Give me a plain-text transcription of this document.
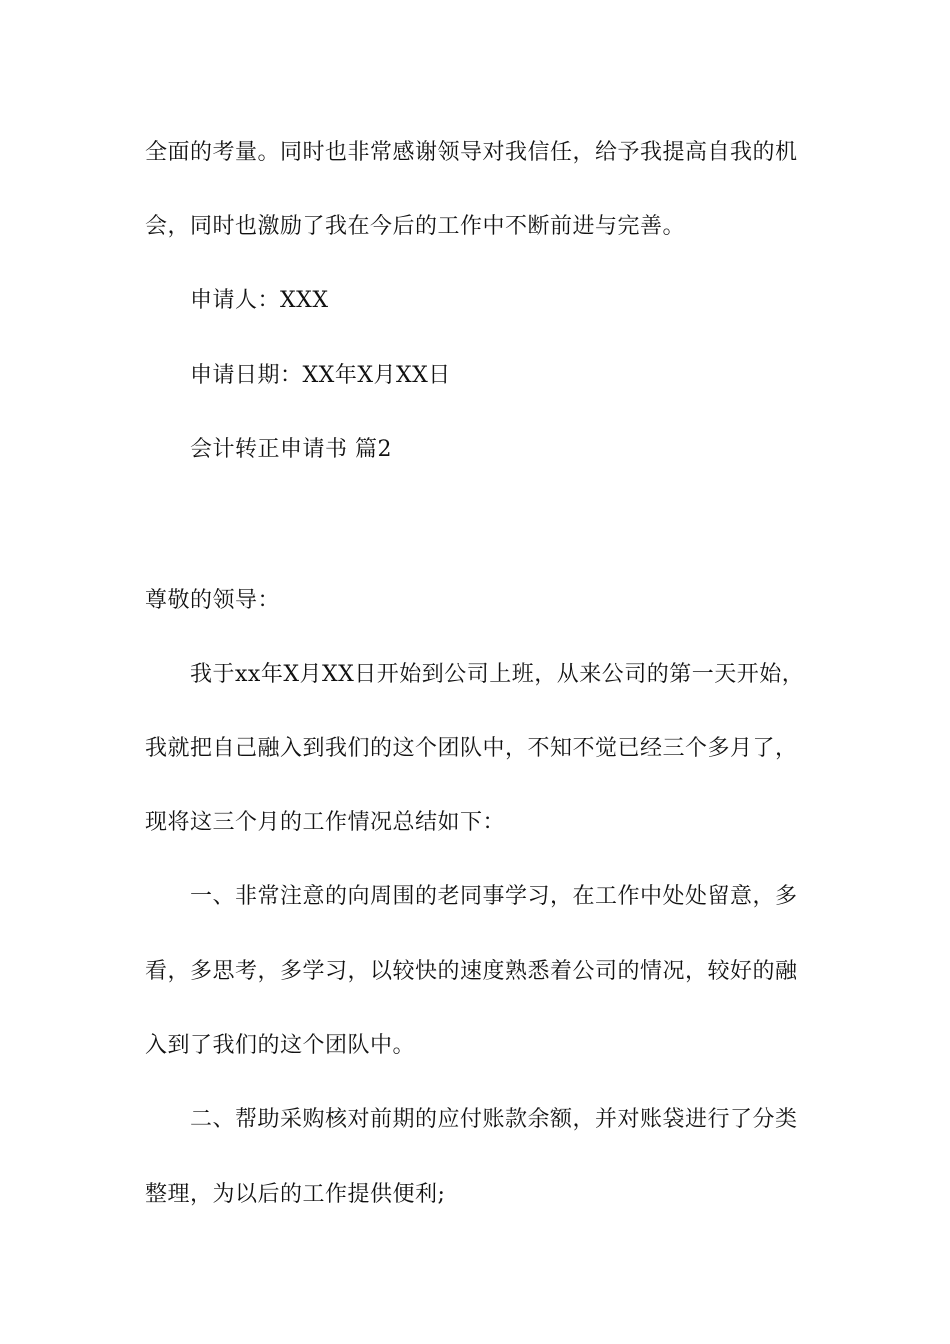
全面的考量。同时也非常感谢领导对我信任，给予我提高自我的机
会，同时也激励了我在今后的工作中不断前进与完善。
申请人：XXX
申请日期：XX年X月XX日
会计转正申请书 篇2
尊敬的领导：
我于xx年X月XX日开始到公司上班，从来公司的第一天开始，
我就把自己融入到我们的这个团队中，不知不觉已经三个多月了，
现将这三个月的工作情况总结如下：
一、非常注意的向周围的老同事学习，在工作中处处留意，多
看，多思考，多学习，以较快的速度熟悉着公司的情况，较好的融
入到了我们的这个团队中。
二、帮助采购核对前期的应付账款余额，并对账袋进行了分类
整理，为以后的工作提供便利;
